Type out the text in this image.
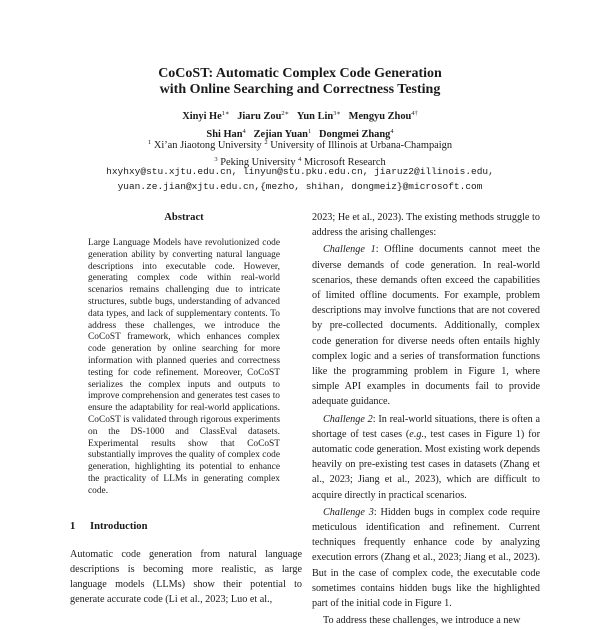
CoCoST: Automatic Complex Code Generation
with Online Searching and Correctness Testing
Xinyi $He^{1∗}$ Jiaru Zou$^{2∗}$ Yun Lin$^{3∗}$ Mengyu Zhou$^{4\dagger}$
Shi Han$^4$ Zejian Yuan$^1$ Dongmei Zhang$^4$
$^1$ Xi’an Jiaotong University $^2$ University of Illinois at Urbana-Champaign
$^3$ Peking University $^4$ Microsoft Research
hxyhxy@stu.xjtu.edu.cn, linyun@stu.pku.edu.cn, jiaruz2@illinois.edu,
yuan.ze.jian@xjtu.edu.cn,{mezho, shihan, dongmeiz}@microsoft.com
Abstract
Large Language Models have revolutionized code generation ability by converting natural language descriptions into executable code. However, generating complex code within real-world scenarios remains challenging due to intricate structures, subtle bugs, understanding of advanced data types, and lack of supplementary contents. To address these challenges, we introduce the CoCoST framework, which enhances complex code generation by online searching for more information with planned queries and correctness testing for code refinement. Moreover, CoCoST serializes the complex inputs and outputs to improve comprehension and generates test cases to ensure the adaptability for real-world applications. CoCoST is validated through rigorous experiments on the DS-1000 and ClassEval datasets. Experimental results show that CoCoST substantially improves the quality of complex code generation, highlighting its potential to enhance the practicality of LLMs in generating complex code.
1 Introduction
Automatic code generation from natural language descriptions is becoming more realistic, as large language models (LLMs) show their potential to generate accurate code (Li et al., 2023; Luo et al.,

2023; He et al., 2023). The existing methods struggle to address the arising challenges:

Challenge 1: Offline documents cannot meet the diverse demands of code generation. In real-world scenarios, these demands often exceed the capabilities of limited offline documents. For example, problem descriptions may involve functions that are not covered by pre-collected documents. Additionally, complex code generation for diverse needs often entails highly complex logic and a series of transformation functions like the programming problem in Figure 1, where simple API examples in documents fail to provide adequate guidance.

Challenge 2: In real-world situations, there is often a shortage of test cases (e.g., test cases in Figure 1) for automatic code generation. Most existing work depends heavily on pre-existing test cases in datasets (Zhang et al., 2023; Jiang et al., 2023), which are difficult to acquire directly in practical scenarios.

Challenge 3: Hidden bugs in complex code require meticulous identification and refinement. Current techniques frequently enhance code by analyzing execution errors (Zhang et al., 2023; Jiang et al., 2023). But in the case of complex code, the executable code sometimes contains hidden bugs like the highlighted part of the initial code in Figure 1.

To address these challenges, we introduce a new
